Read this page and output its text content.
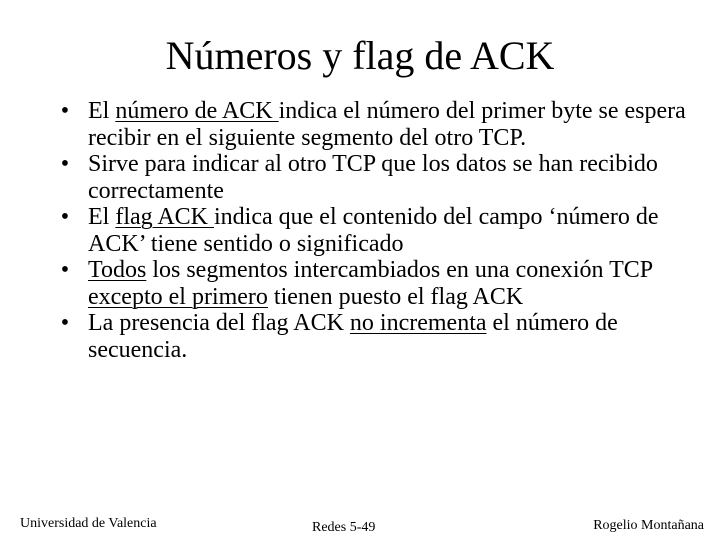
Números y flag de ACK
• El número de ACK indica el número del primer byte se espera recibir en el siguiente segmento del otro TCP.
• Sirve para indicar al otro TCP que los datos se han recibido correctamente
• El flag ACK indica que el contenido del campo ‘número de ACK’ tiene sentido o significado
• Todos los segmentos intercambiados en una conexión TCP excepto el primero tienen puesto el flag ACK
• La presencia del flag ACK no incrementa el número de secuencia.
Universidad de Valencia	Redes 5-49	Rogelio Montañana
